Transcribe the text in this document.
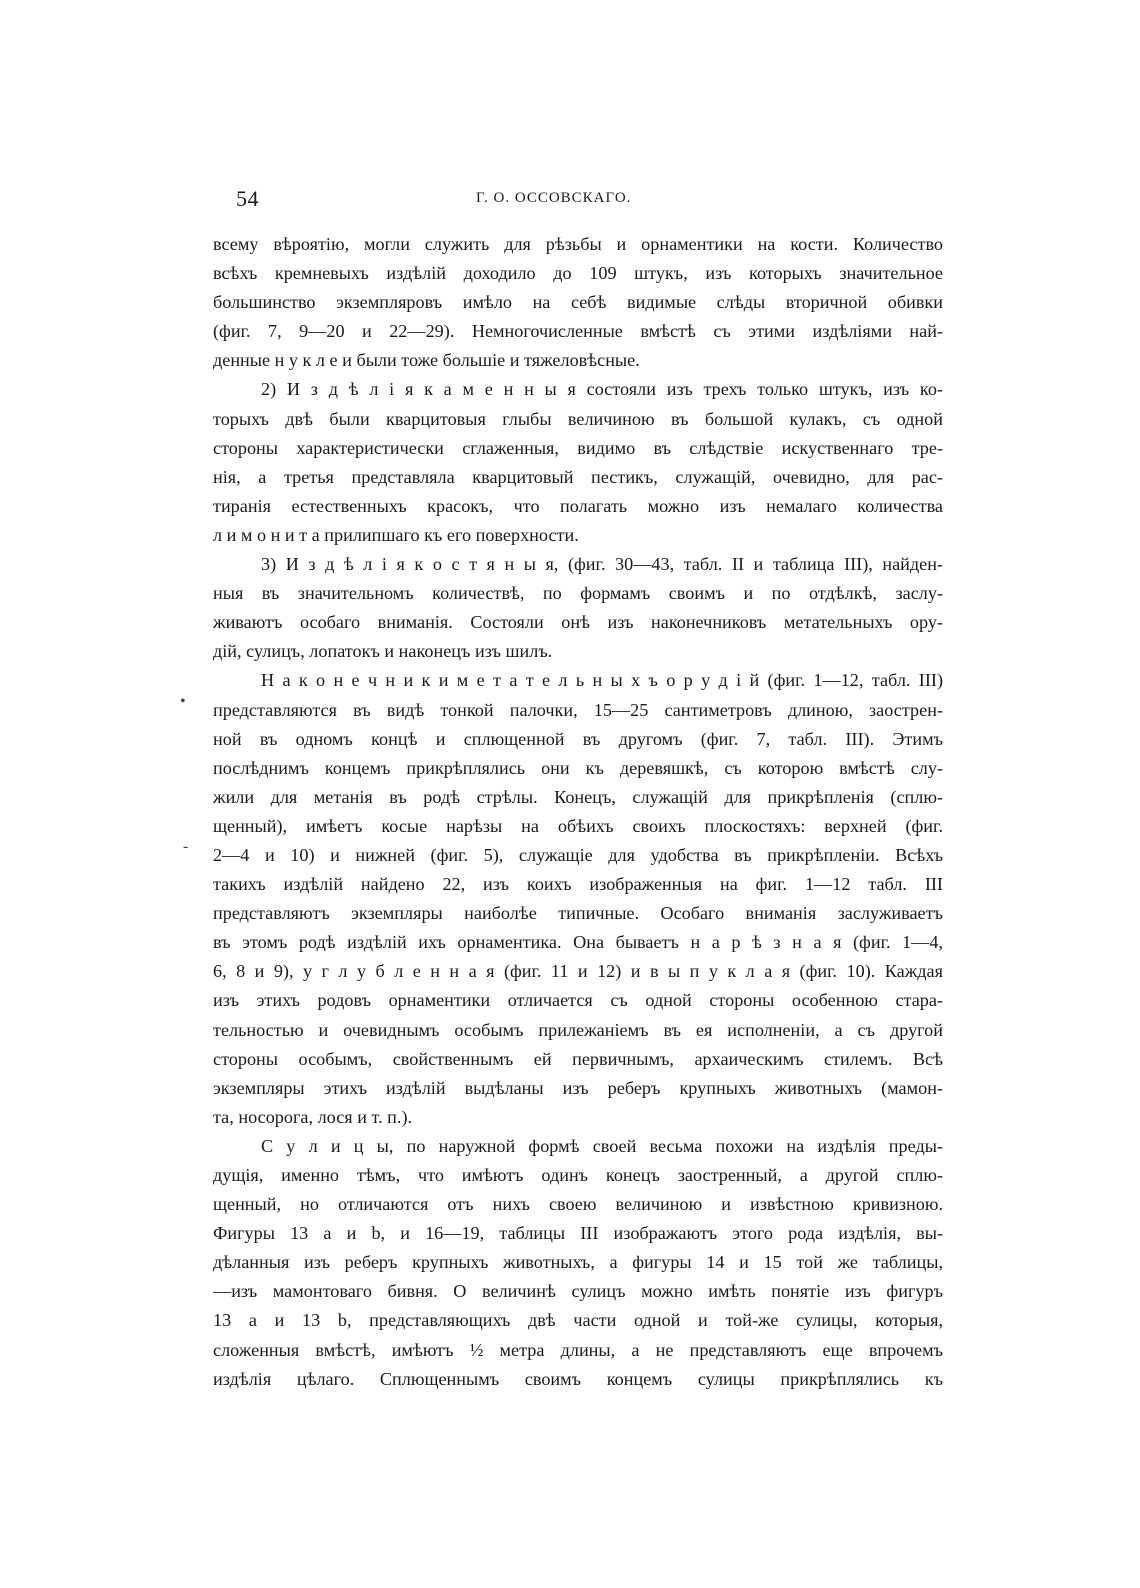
54	Г. О. ОССОВСКАГО.
•
-
всему вѣроятію, могли служить для рѣзьбы и орнаментики на кости. Количество
всѣхъ кремневыхъ издѣлій доходило до 109 штукъ, изъ которыхъ значительное
большинство экземпляровъ имѣло на себѣ видимые слѣды вторичной обивки
(фиг. 7, 9—20 и 22—29). Немногочисленные вмѣстѣ съ этими издѣліями най-
денные н у к л е и были тоже большіе и тяжеловѣсные.
2) И з д ѣ л і я к а м е н н ы я состояли изъ трехъ только штукъ, изъ ко-
торыхъ двѣ были кварцитовыя глыбы величиною въ большой кулакъ, съ одной
стороны характеристически сглаженныя, видимо въ слѣдствіе искуственнаго тре-
нія, а третья представляла кварцитовый пестикъ, служащій, очевидно, для рас-
тиранія естественныхъ красокъ, что полагать можно изъ немалаго количества
л и м о н и т а прилипшаго къ его поверхности.
3) И з д ѣ л і я к о с т я н ы я, (фиг. 30—43, табл. II и таблица III), найден-
ныя въ значительномъ количествѣ, по формамъ своимъ и по отдѣлкѣ, заслу-
живаютъ особаго вниманія. Состояли онѣ изъ наконечниковъ метательныхъ ору-
дій, сулицъ, лопатокъ и наконецъ изъ шилъ.
Н а к о н е ч н и к и м е т а т е л ь н ы х ъ о р у д і й (фиг. 1—12, табл. III)
представляются въ видѣ тонкой палочки, 15—25 сантиметровъ длиною, заострен-
ной въ одномъ концѣ и сплющенной въ другомъ (фиг. 7, табл. III). Этимъ
послѣднимъ концемъ прикрѣплялись они къ деревяшкѣ, съ которою вмѣстѣ слу-
жили для метанія въ родѣ стрѣлы. Конецъ, служащій для прикрѣпленія (сплю-
щенный), имѣетъ косые нарѣзы на обѣихъ своихъ плоскостяхъ: верхней (фиг.
2—4 и 10) и нижней (фиг. 5), служащіе для удобства въ прикрѣпленіи. Всѣхъ
такихъ издѣлій найдено 22, изъ коихъ изображенныя на фиг. 1—12 табл. III
представляютъ экземпляры наиболѣе типичные. Особаго вниманія заслуживаетъ
въ этомъ родѣ издѣлій ихъ орнаментика. Она бываетъ н а р ѣ з н а я (фиг. 1—4,
6, 8 и 9), у г л у б л е н н а я (фиг. 11 и 12) и в ы п у к л а я (фиг. 10). Каждая
изъ этихъ родовъ орнаментики отличается съ одной стороны особенною стара-
тельностью и очевиднымъ особымъ прилежаніемъ въ ея исполненіи, а съ другой
стороны особымъ, свойственнымъ ей первичнымъ, архаическимъ стилемъ. Всѣ
экземпляры этихъ издѣлій выдѣланы изъ реберъ крупныхъ животныхъ (мамон-
та, носорога, лося и т. п.).
С у л и ц ы, по наружной формѣ своей весьма похожи на издѣлія преды-
дущія, именно тѣмъ, что имѣютъ одинъ конецъ заостренный, а другой сплю-
щенный, но отличаются отъ нихъ своею величиною и извѣстною кривизною.
Фигуры 13 a и b, и 16—19, таблицы III изображаютъ этого рода издѣлія, вы-
дѣланныя изъ реберъ крупныхъ животныхъ, а фигуры 14 и 15 той же таблицы,
—изъ мамонтоваго бивня. О величинѣ сулицъ можно имѣть понятіе изъ фигуръ
13 a и 13 b, представляющихъ двѣ части одной и той-же сулицы, которыя,
сложенныя вмѣстѣ, имѣютъ ½ метра длины, а не представляютъ еще впрочемъ
издѣлія цѣлаго. Сплющеннымъ своимъ концемъ сулицы прикрѣплялись къ
